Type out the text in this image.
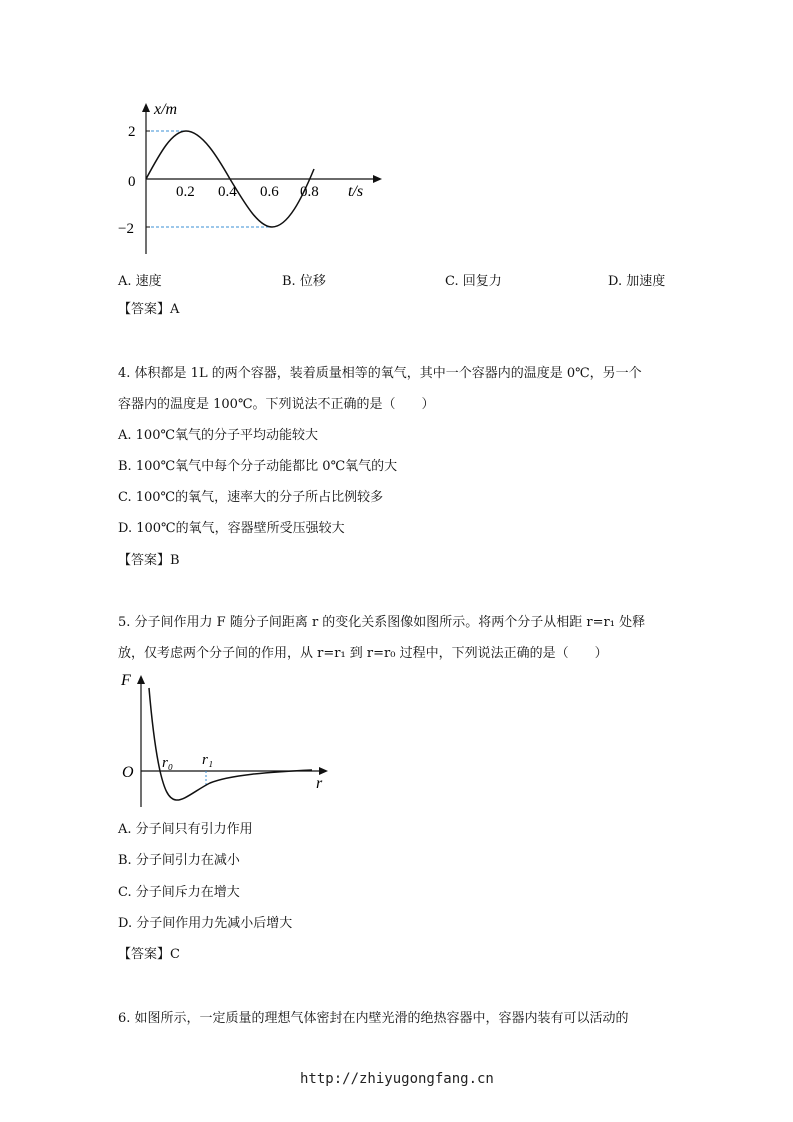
x/m
2
0
−2
0.2 0.4 0.6 0.8 t/s
A. 速度	B. 位移	C. 回复力	D. 加速度
【答案】A
4. 体积都是 1L 的两个容器，装着质量相等的氧气，其中一个容器内的温度是 0℃，另一个
容器内的温度是 100℃。下列说法不正确的是（　　）
A. 100℃氧气的分子平均动能较大
B. 100℃氧气中每个分子动能都比 0℃氧气的大
C. 100℃的氧气，速率大的分子所占比例较多
D. 100℃的氧气，容器壁所受压强较大
【答案】B
5. 分子间作用力 F 随分子间距离 r 的变化关系图像如图所示。将两个分子从相距 r=r₁ 处释
放，仅考虑两个分子间的作用，从 r=r₁ 到 r=r₀ 过程中，下列说法正确的是（　　）
F
O
r₀ r₁
r
A. 分子间只有引力作用
B. 分子间引力在减小
C. 分子间斥力在增大
D. 分子间作用力先减小后增大
【答案】C
6. 如图所示，一定质量的理想气体密封在内壁光滑的绝热容器中，容器内装有可以活动的
http://zhiyugongfang.cn
